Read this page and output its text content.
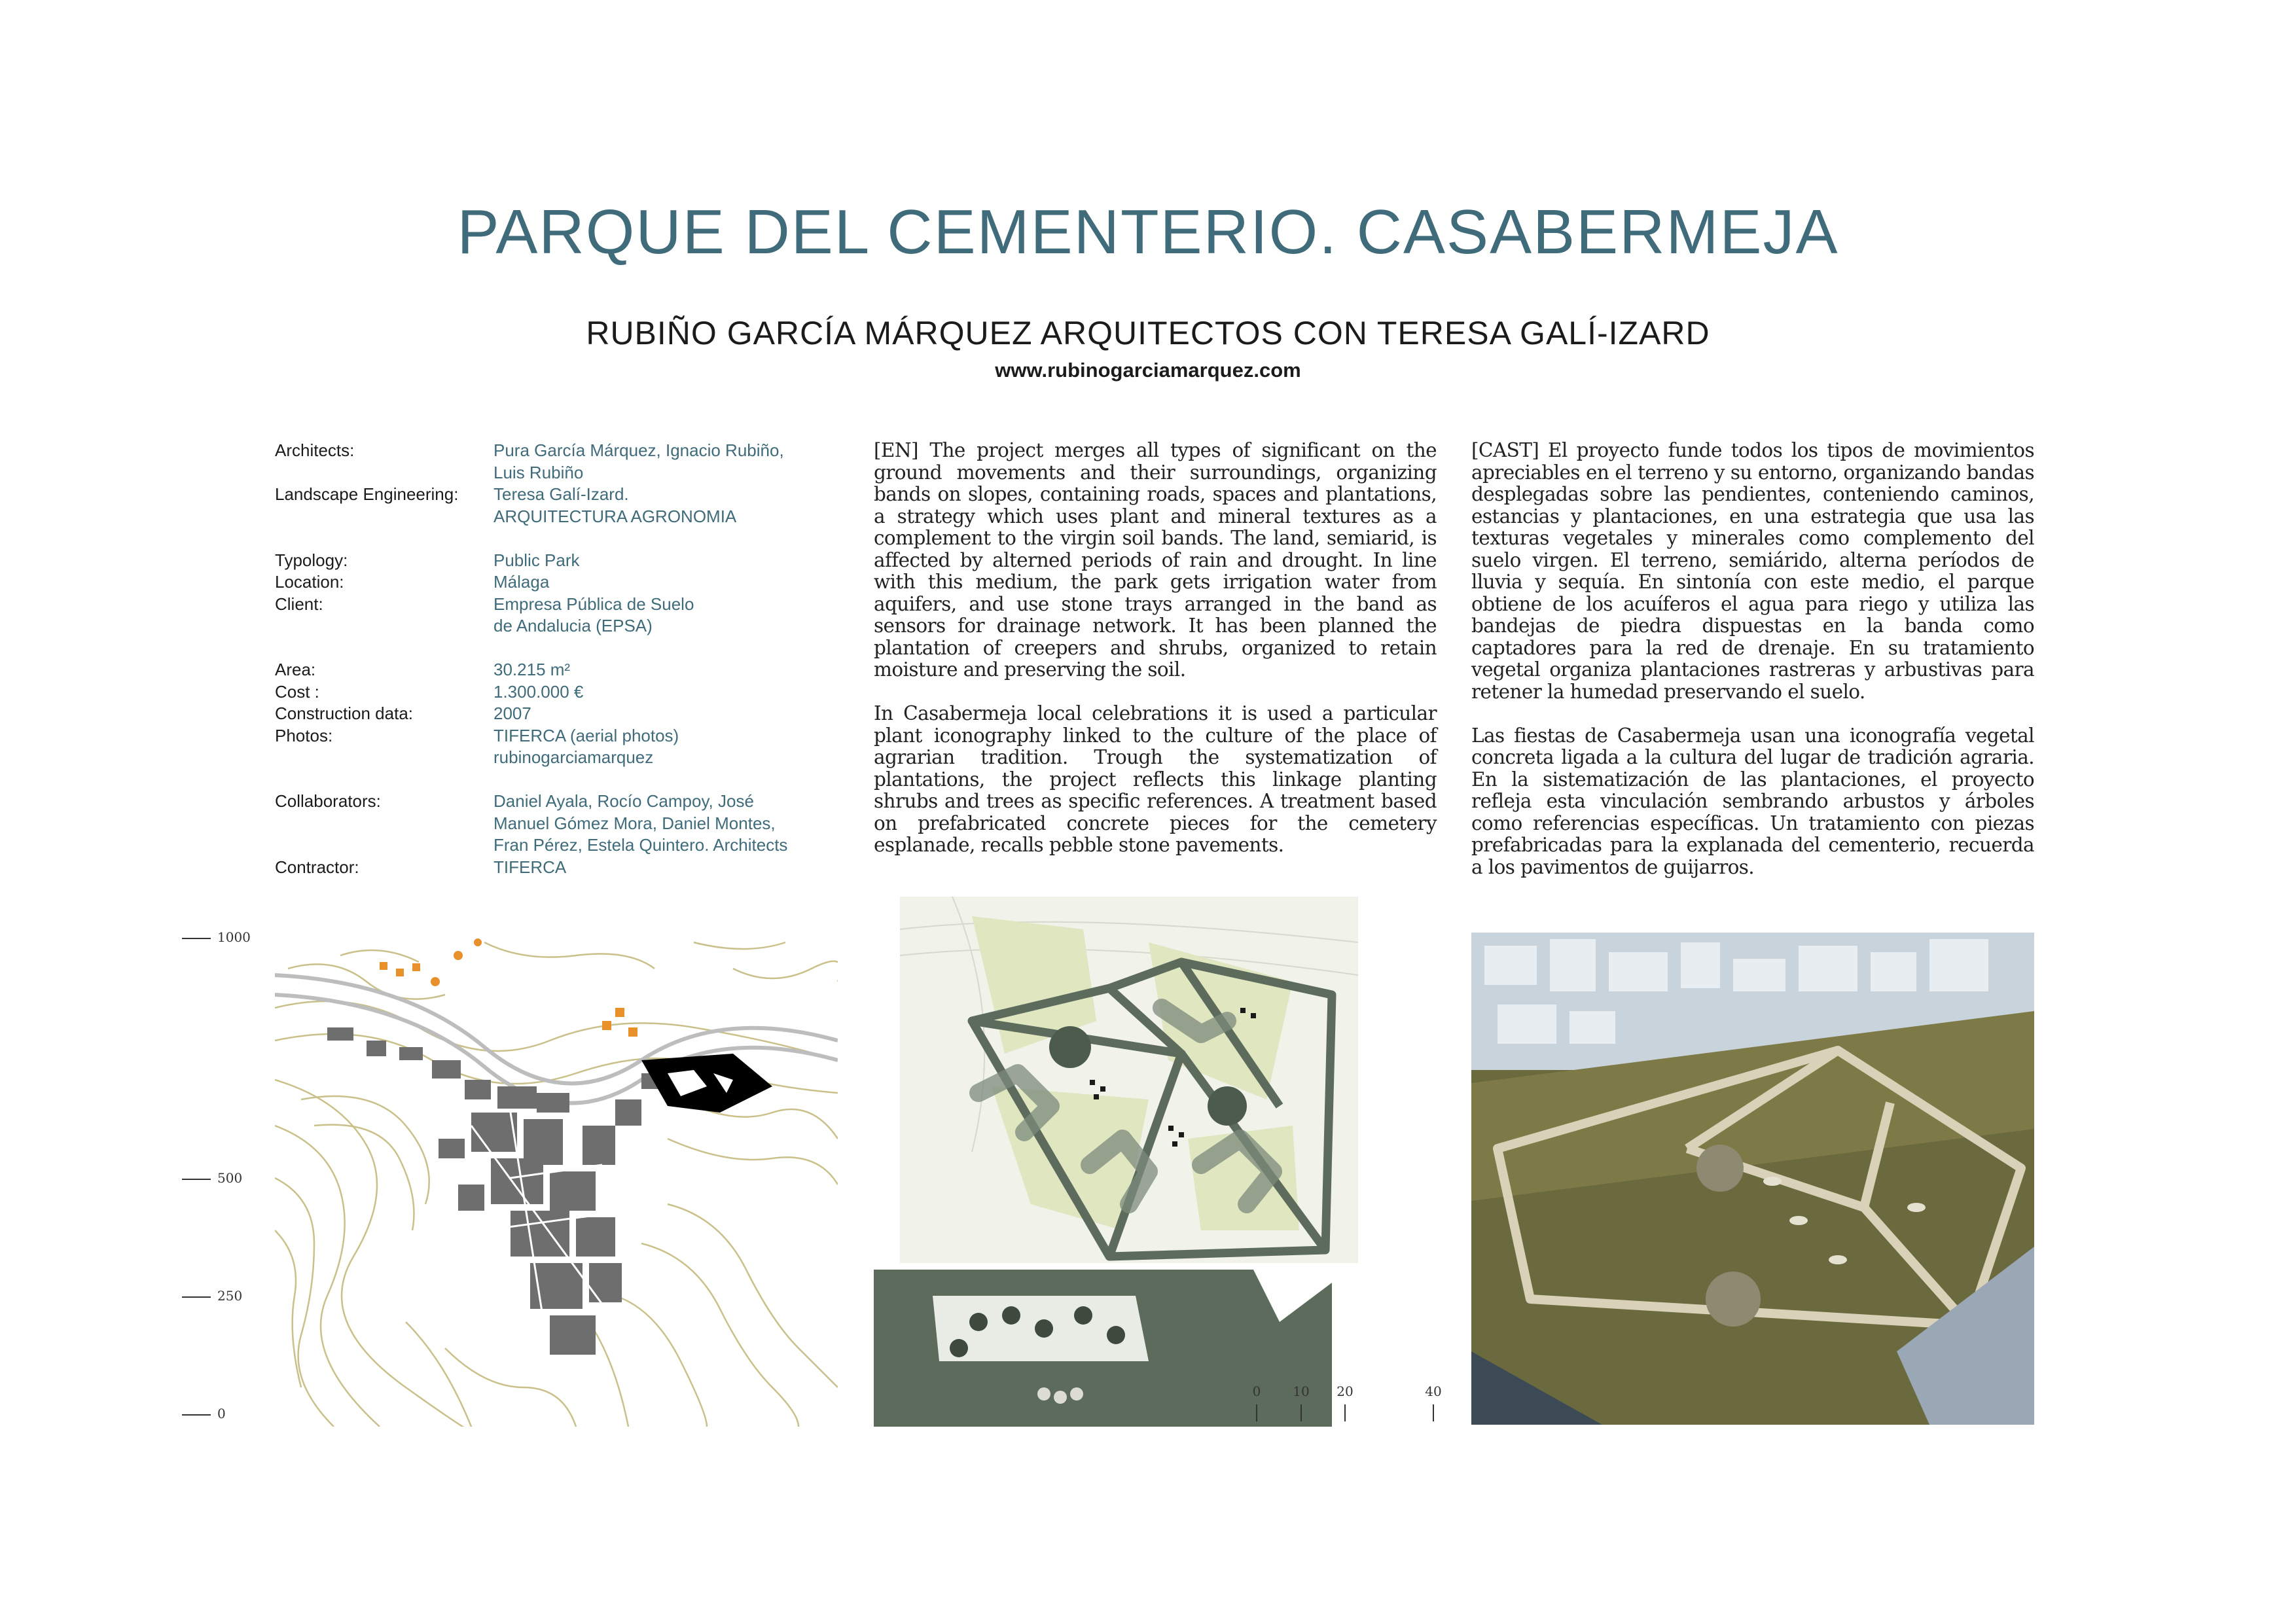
PARQUE DEL CEMENTERIO. CASABERMEJA
RUBIÑO GARCÍA MÁRQUEZ ARQUITECTOS CON TERESA GALÍ-IZARD
www.rubinogarciamarquez.com
Architects:	Pura García Márquez, Ignacio Rubiño,
Luis Rubiño
Landscape Engineering:	Teresa Galí-Izard.
ARQUITECTURA AGRONOMIA
Typology:	Public Park
Location:	Málaga
Client:	Empresa Pública de Suelo
de Andalucia (EPSA)
Area:	30.215 m²
Cost :	1.300.000 €
Construction data:	2007
Photos:	TIFERCA (aerial photos)
rubinogarciamarquez
Collaborators:	Daniel Ayala, Rocío Campoy, José
Manuel Gómez Mora, Daniel Montes,
Fran Pérez, Estela Quintero. Architects
Contractor:	TIFERCA

[EN] The project merges all types of significant on the ground movements and their surroundings, organizing bands on slopes, containing roads, spaces and plantations, a strategy which uses plant and mineral textures as a complement to the virgin soil bands. The land, semiarid, is affected by alterned periods of rain and drought. In line with this medium, the park gets irrigation water from aquifers, and use stone trays arranged in the band as sensors for drainage network. It has been planned the plantation of creepers and shrubs, organized to retain moisture and preserving the soil.

In Casabermeja local celebrations it is used a particular plant iconography linked to the culture of the place of agrarian tradition. Trough the systematization of plantations, the project reflects this linkage planting shrubs and trees as specific references. A treatment based on prefabricated concrete pieces for the cemetery esplanade, recalls pebble stone pavements.

[CAST] El proyecto funde todos los tipos de movimientos apreciables en el terreno y su entorno, organizando bandas desplegadas sobre las pendientes, conteniendo caminos, estancias y plantaciones, en una estrategia que usa las texturas vegetales y minerales como complemento del suelo virgen. El terreno, semiárido, alterna períodos de lluvia y sequía. En sintonía con este medio, el parque obtiene de los acuíferos el agua para riego y utiliza las bandejas de piedra dispuestas en la banda como captadores para la red de drenaje. En su tratamiento vegetal organiza plantaciones rastreras y arbustivas para retener la humedad preservando el suelo.

Las fiestas de Casabermeja usan una iconografía vegetal concreta ligada a la cultura del lugar de tradición agraria. En la sistematización de las plantaciones, el proyecto refleja esta vinculación sembrando arbustos y árboles como referencias específicas. Un tratamiento con piezas prefabricadas para la explanada del cementerio, recuerda a los pavimentos de guijarros.

1000
500
250
0
0	10	20	40
